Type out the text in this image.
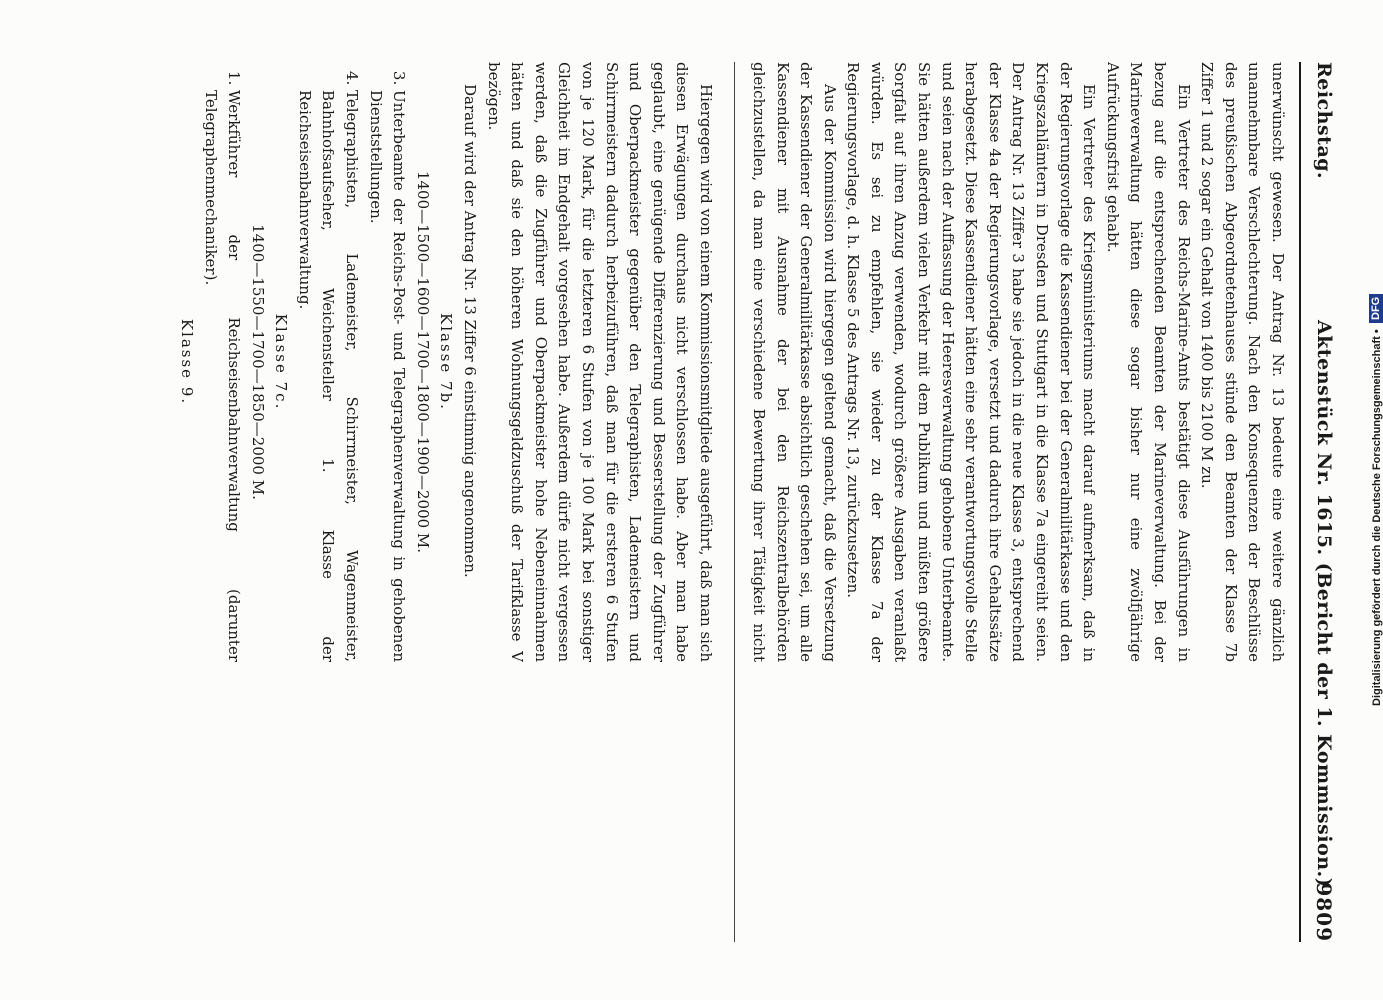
Reichstag.
Aktenstück Nr. 1615. (Bericht der 1. Kommission.)
9809

unerwünscht gewesen. Der Antrag Nr. 13 bedeute eine weitere gänzlich unannehmbare Verschlechterung. Nach den Konsequenzen der Beschlüsse des preußischen Abgeordnetenhauses stünde den Beamten der Klasse 7b Ziffer 1 und 2 sogar ein Gehalt von 1400 bis 2100 M zu.

Ein Vertreter des Reichs-Marine-Amts bestätigt diese Ausführungen in bezug auf die entsprechenden Beamten der Marineverwaltung. Bei der Marineverwaltung hätten diese sogar bisher nur eine zwölfjährige Aufrückungsfrist gehabt.

Ein Vertreter des Kriegsministeriums macht darauf aufmerksam, daß in der Regierungsvorlage die Kassendiener bei der Generalmilitärkasse und den Kriegszahlämtern in Dresden und Stuttgart in die Klasse 7a eingereiht seien. Der Antrag Nr. 13 Ziffer 3 habe sie jedoch in die neue Klasse 3, entsprechend der Klasse 4a der Regierungsvorlage, versetzt und dadurch ihre Gehaltssätze herabgesetzt. Diese Kassendiener hätten eine sehr verantwortungsvolle Stelle und seien nach der Auffassung der Heeresverwaltung gehobene Unterbeamte. Sie hätten außerdem vielen Verkehr mit dem Publikum und müßten größere Sorgfalt auf ihren Anzug verwenden, wodurch größere Ausgaben veranlaßt würden. Es sei zu empfehlen, sie wieder zu der Klasse 7a der Regierungsvorlage, d. h. Klasse 5 des Antrags Nr. 13, zurückzusetzen.

Aus der Kommission wird hiergegen geltend gemacht, daß die Versetzung der Kassendiener der Generalmilitärkasse absichtlich geschehen sei, um alle Kassendiener mit Ausnahme der bei den Reichszentralbehörden gleichzustellen, da man eine verschiedene Bewertung ihrer Tätigkeit nicht

Hiergegen wird von einem Kommissionsmitgliede ausgeführt, daß man sich diesen Erwägungen durchaus nicht verschlossen habe. Aber man habe geglaubt, eine genügende Differenzierung und Besserstellung der Zugführer und Oberpackmeister gegenüber den Telegraphisten, Lademeistern und Schirrmeistern dadurch herbeizuführen, daß man für die ersteren 6 Stufen von je 120 Mark, für die letzteren 6 Stufen von je 100 Mark bei sonstiger Gleichheit im Endgehalt vorgesehen habe. Außerdem dürfe nicht vergessen werden, daß die Zugführer und Oberpackmeister hohe Nebeneinnahmen hätten und daß sie den höheren Wohnungsgeldzuschuß der Tarifklasse V bezögen.

Darauf wird der Antrag Nr. 13 Ziffer 6 einstimmig angenommen.

Klasse 7b.

1400—1500—1600—1700—1800—1900—2000 M.

3. Unterbeamte der Reichs-Post- und Telegraphenverwaltung in gehobenen Dienststellungen.
4. Telegraphisten, Lademeister, Schirrmeister, Wagenmeister, Bahnhofsaufseher, Weichensteller 1. Klasse der Reichseisenbahnverwaltung.

Klasse 7c.

1400—1550—1700—1850—2000 M.

1. Werkführer der Reichseisenbahnverwaltung (darunter Telegraphenmechaniker).

Klasse 9.	Digitalisierung gefördert durch die Deutsche Forschungsgemeinschaft •
DFG
